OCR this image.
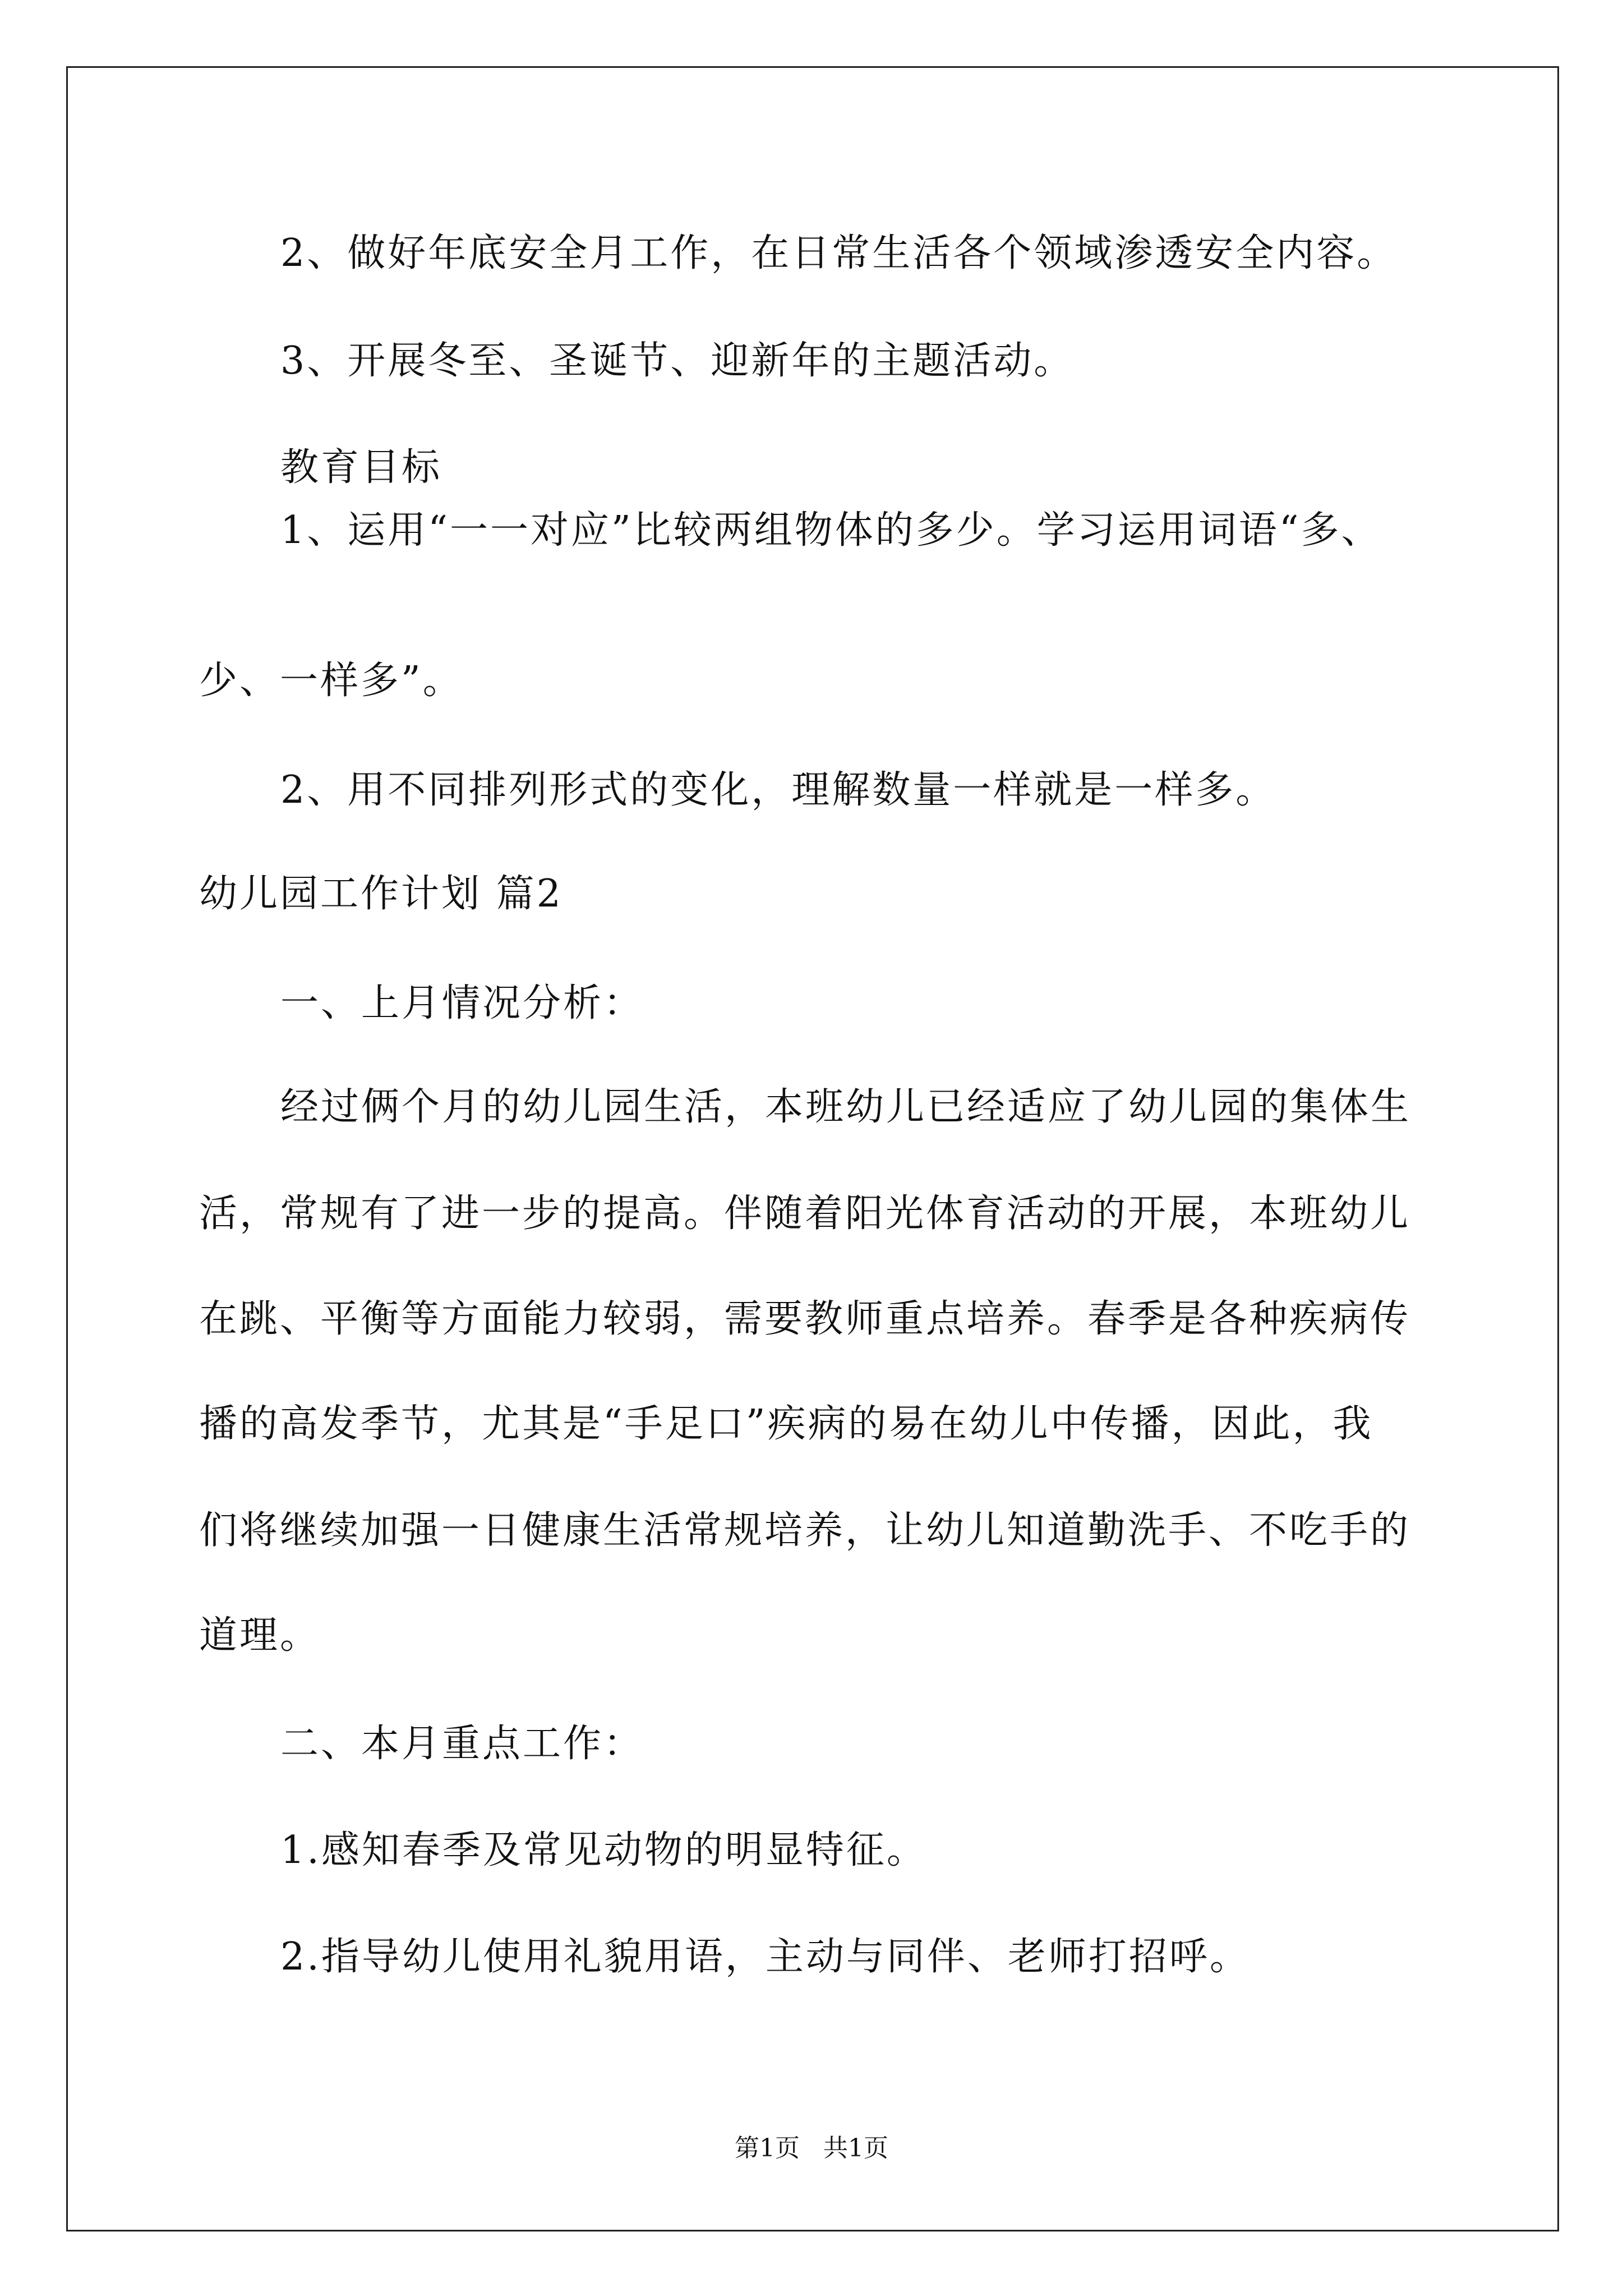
2、做好年底安全月工作，在日常生活各个领域渗透安全内容。
3、开展冬至、圣诞节、迎新年的主题活动。
教育目标
1、运用“一一对应”比较两组物体的多少。学习运用词语“多、
少、一样多”。
2、用不同排列形式的变化，理解数量一样就是一样多。
幼儿园工作计划 篇2
一、上月情况分析：
经过俩个月的幼儿园生活，本班幼儿已经适应了幼儿园的集体生
活，常规有了进一步的提高。伴随着阳光体育活动的开展，本班幼儿
在跳、平衡等方面能力较弱，需要教师重点培养。春季是各种疾病传
播的高发季节，尤其是“手足口”疾病的易在幼儿中传播，因此，我
们将继续加强一日健康生活常规培养，让幼儿知道勤洗手、不吃手的
道理。
二、本月重点工作：
1.感知春季及常见动物的明显特征。
2.指导幼儿使用礼貌用语，主动与同伴、老师打招呼。
第1页   共1页
